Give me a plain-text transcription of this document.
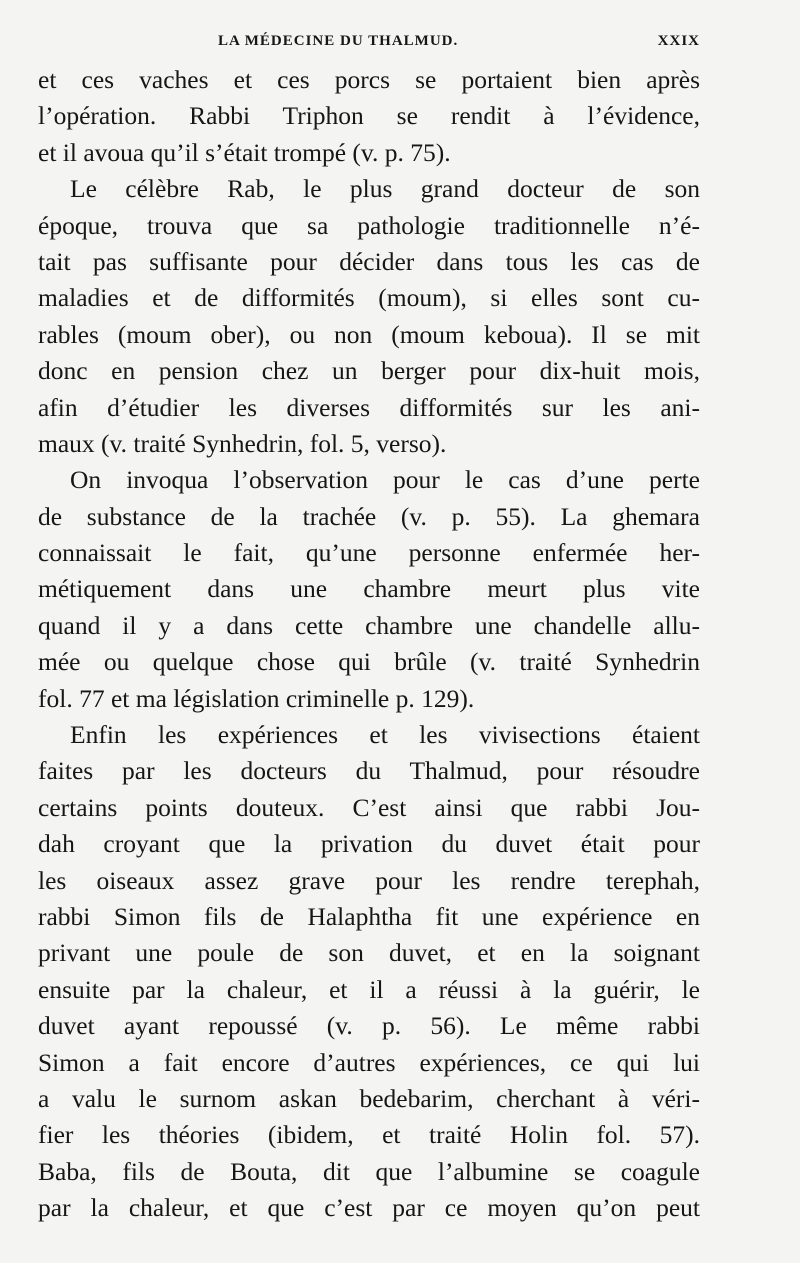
LA MÉDECINE DU THALMUD.	XXIX
et ces vaches et ces porcs se portaient bien après
l’opération. Rabbi Triphon se rendit à l’évidence,
et il avoua qu’il s’était trompé (v. p. 75).
Le célèbre Rab, le plus grand docteur de son
époque, trouva que sa pathologie traditionnelle n’é-
tait pas suffisante pour décider dans tous les cas de
maladies et de difformités (moum), si elles sont cu-
rables (moum ober), ou non (moum keboua). Il se mit
donc en pension chez un berger pour dix-huit mois,
afin d’étudier les diverses difformités sur les ani-
maux (v. traité Synhedrin, fol. 5, verso).
On invoqua l’observation pour le cas d’une perte
de substance de la trachée (v. p. 55). La ghemara
connaissait le fait, qu’une personne enfermée her-
métiquement dans une chambre meurt plus vite
quand il y a dans cette chambre une chandelle allu-
mée ou quelque chose qui brûle (v. traité Synhedrin
fol. 77 et ma législation criminelle p. 129).
Enfin les expériences et les vivisections étaient
faites par les docteurs du Thalmud, pour résoudre
certains points douteux. C’est ainsi que rabbi Jou-
dah croyant que la privation du duvet était pour
les oiseaux assez grave pour les rendre terephah,
rabbi Simon fils de Halaphtha fit une expérience en
privant une poule de son duvet, et en la soignant
ensuite par la chaleur, et il a réussi à la guérir, le
duvet ayant repoussé (v. p. 56). Le même rabbi
Simon a fait encore d’autres expériences, ce qui lui
a valu le surnom askan bedebarim, cherchant à véri-
fier les théories (ibidem, et traité Holin fol. 57).
Baba, fils de Bouta, dit que l’albumine se coagule
par la chaleur, et que c’est par ce moyen qu’on peut
